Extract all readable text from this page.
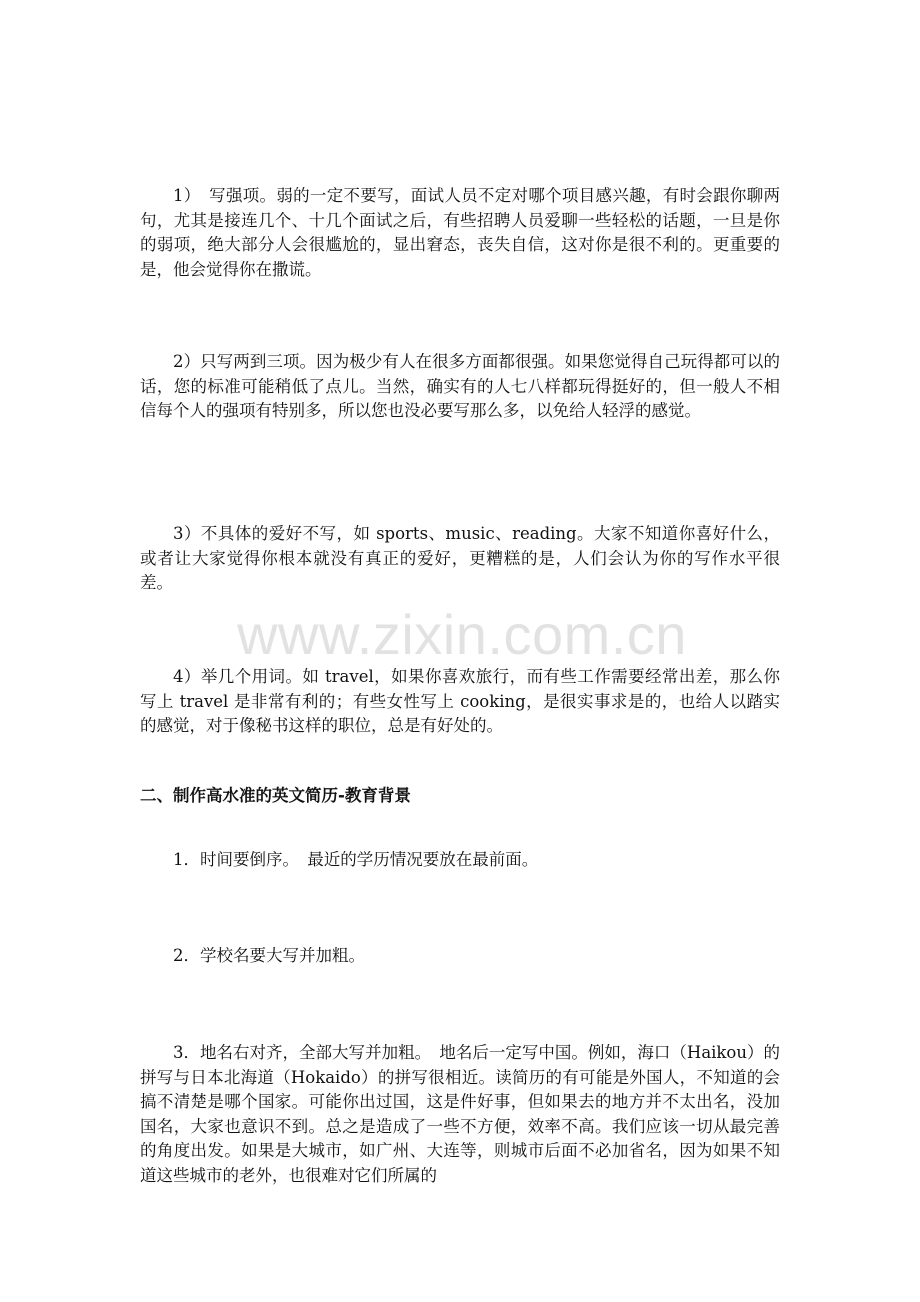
1）　写强项。弱的一定不要写，面试人员不定对哪个项目感兴趣，有时会跟你聊两句，尤其是接连几个、十几个面试之后，有些招聘人员爱聊一些轻松的话题，一旦是你的弱项，绝大部分人会很尴尬的，显出窘态，丧失自信，这对你是很不利的。更重要的是，他会觉得你在撒谎。

2）只写两到三项。因为极少有人在很多方面都很强。如果您觉得自己玩得都可以的话，您的标准可能稍低了点儿。当然，确实有的人七八样都玩得挺好的，但一般人不相信每个人的强项有特别多，所以您也没必要写那么多，以免给人轻浮的感觉。

3）不具体的爱好不写，如 sports、music、reading。大家不知道你喜好什么，或者让大家觉得你根本就没有真正的爱好，更糟糕的是，人们会认为你的写作水平很差。

www.zixin.com.cn

4）举几个用词。如 travel，如果你喜欢旅行，而有些工作需要经常出差，那么你写上 travel 是非常有利的；有些女性写上 cooking，是很实事求是的，也给人以踏实的感觉，对于像秘书这样的职位，总是有好处的。

二、制作高水准的英文简历-教育背景

1．时间要倒序。　最近的学历情况要放在最前面。

2．学校名要大写并加粗。

3．地名右对齐，全部大写并加粗。　地名后一定写中国。例如，海口（Haikou）的拼写与日本北海道（Hokaido）的拼写很相近。读简历的有可能是外国人，不知道的会搞不清楚是哪个国家。可能你出过国，这是件好事，但如果去的地方并不太出名，没加国名，大家也意识不到。总之是造成了一些不方便，效率不高。我们应该一切从最完善的角度出发。如果是大城市，如广州、大连等，则城市后面不必加省名，因为如果不知道这些城市的老外，也很难对它们所属的
